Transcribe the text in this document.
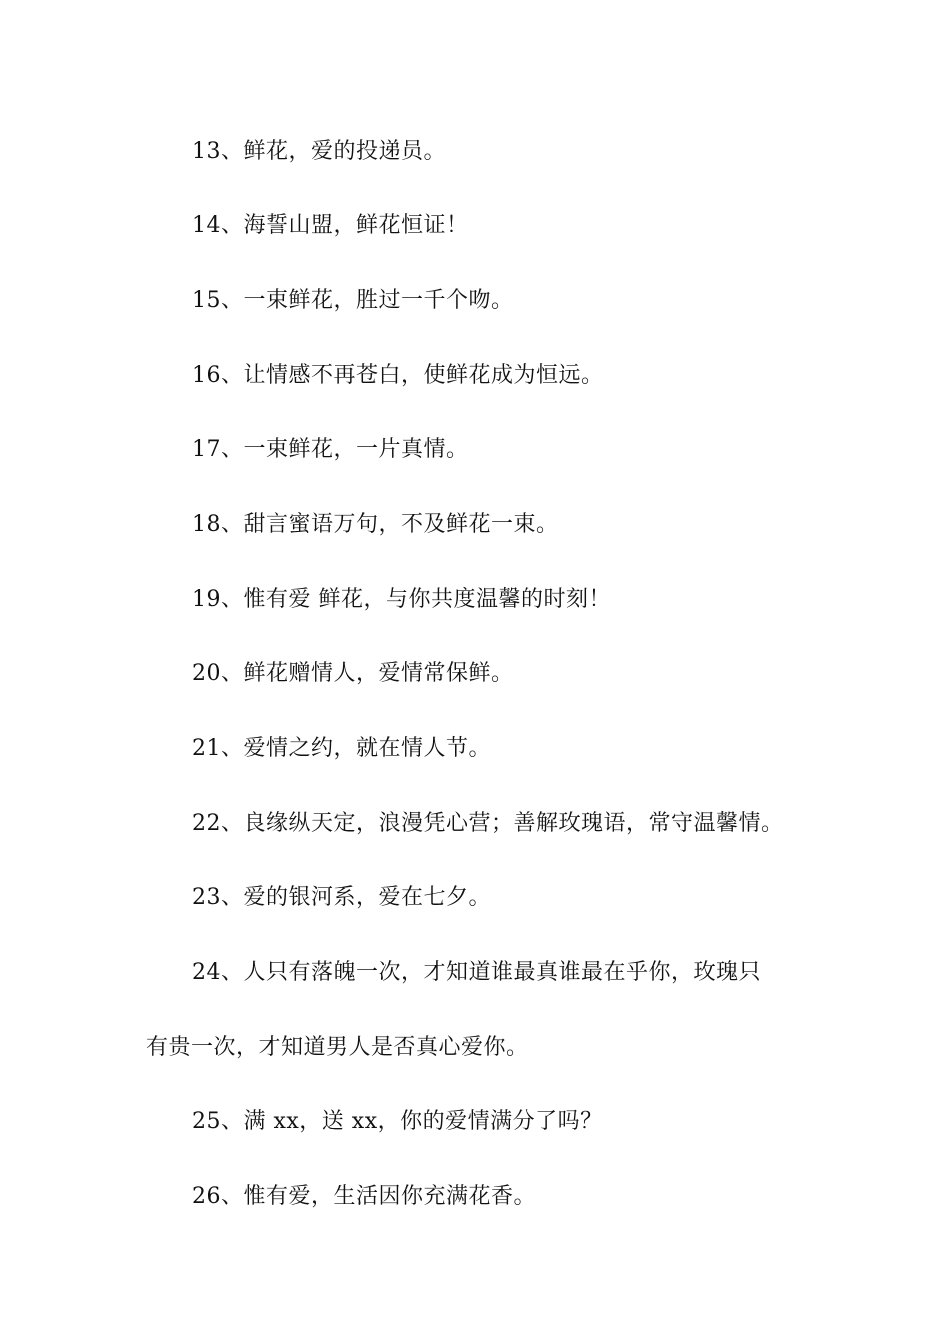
13、鲜花，爱的投递员。
14、海誓山盟，鲜花恒证！
15、一束鲜花，胜过一千个吻。
16、让情感不再苍白，使鲜花成为恒远。
17、一束鲜花，一片真情。
18、甜言蜜语万句，不及鲜花一束。
19、惟有爱 鲜花，与你共度温馨的时刻！
20、鲜花赠情人，爱情常保鲜。
21、爱情之约，就在情人节。
22、良缘纵天定，浪漫凭心营；善解玫瑰语，常守温馨情。
23、爱的银河系，爱在七夕。
24、人只有落魄一次，才知道谁最真谁最在乎你，玫瑰只
有贵一次，才知道男人是否真心爱你。
25、满 xx，送 xx，你的爱情满分了吗？
26、惟有爱，生活因你充满花香。
